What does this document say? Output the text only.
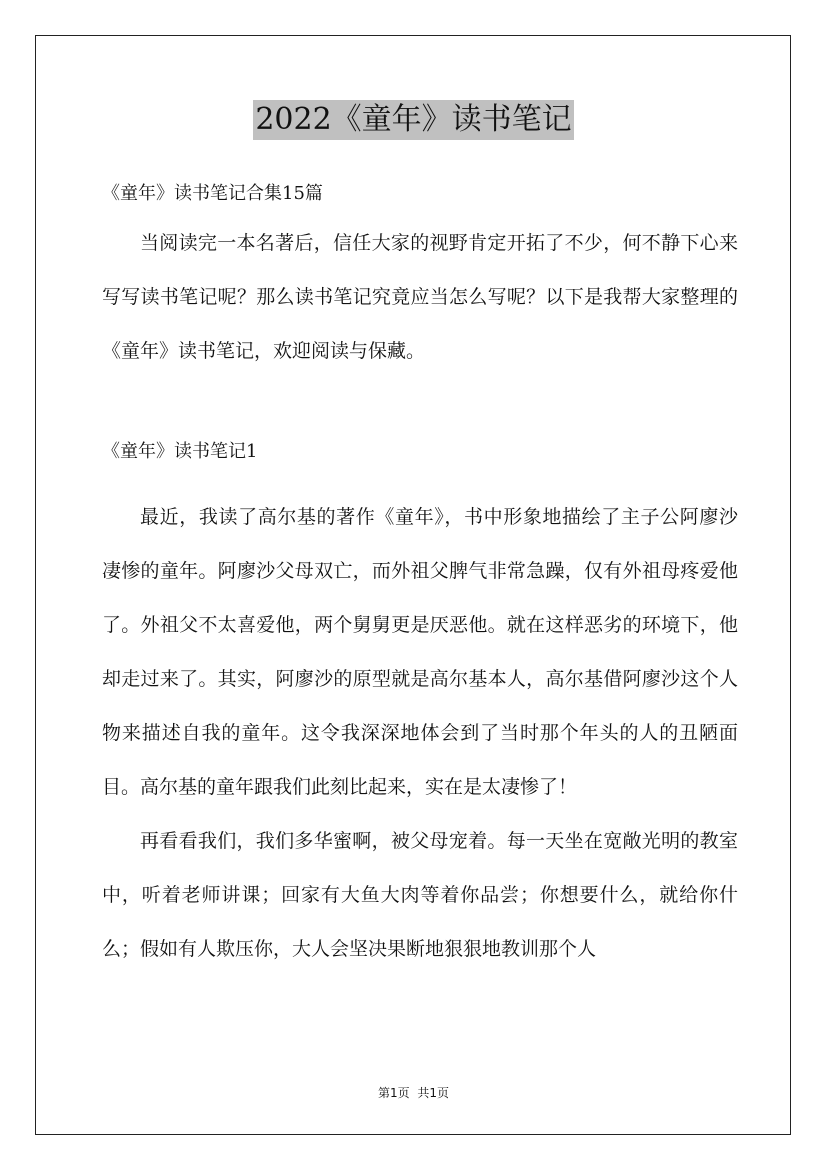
2022《童年》读书笔记

《童年》读书笔记合集15篇

当阅读完一本名著后，信任大家的视野肯定开拓了不少，何不静下心来写写读书笔记呢？那么读书笔记究竟应当怎么写呢？以下是我帮大家整理的《童年》读书笔记，欢迎阅读与保藏。

《童年》读书笔记1

最近，我读了高尔基的著作《童年》，书中形象地描绘了主子公阿廖沙凄惨的童年。阿廖沙父母双亡，而外祖父脾气非常急躁，仅有外祖母疼爱他了。外祖父不太喜爱他，两个舅舅更是厌恶他。就在这样恶劣的环境下，他却走过来了。其实，阿廖沙的原型就是高尔基本人，高尔基借阿廖沙这个人物来描述自我的童年。这令我深深地体会到了当时那个年头的人的丑陋面目。高尔基的童年跟我们此刻比起来，实在是太凄惨了！

再看看我们，我们多华蜜啊，被父母宠着。每一天坐在宽敞光明的教室中，听着老师讲课；回家有大鱼大肉等着你品尝；你想要什么，就给你什么；假如有人欺压你，大人会坚决果断地狠狠地教训那个人

第1页 共1页
